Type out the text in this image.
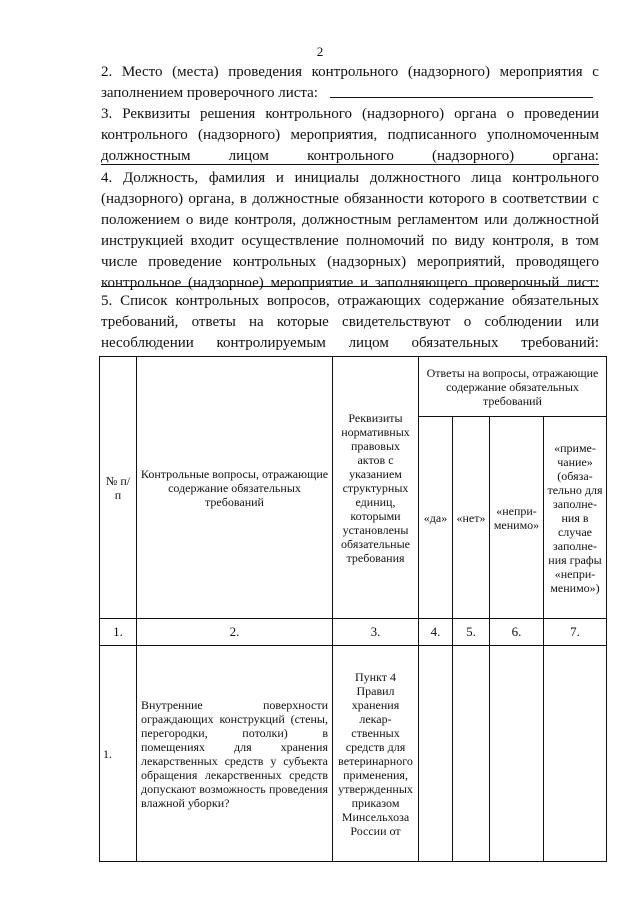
2
2. Место (места) проведения контрольного (надзорного) мероприятия с
заполнением проверочного листа:
3. Реквизиты решения контрольного (надзорного) органа о проведении
контрольного (надзорного) мероприятия, подписанного уполномоченным
должностным	лицом	контрольного	(надзорного)	органа:
4. Должность, фамилия и инициалы должностного лица контрольного
(надзорного) органа, в должностные обязанности которого в соответствии с
положением о виде контроля, должностным регламентом или должностной
инструкцией входит осуществление полномочий по виду контроля, в том
числе проведение контрольных (надзорных) мероприятий, проводящего
контрольное (надзорное) мероприятие и заполняющего проверочный лист:
5. Список контрольных вопросов, отражающих содержание обязательных
требований, ответы на которые свидетельствуют о соблюдении или
несоблюдении контролируемым лицом обязательных требований:
№ п/п	Контрольные вопросы, отражающие содержание обязательных требований	Реквизиты нормативных правовых актов с указанием структурных единиц, которыми установлены обязательные требования	Ответы на вопросы, отражающие содержание обязательных требований			
			«да»	«нет»	«непри-менимо»	«приме-чание» (обяза-тельно для заполне-ния в случае заполне-ния графы «непри-менимо»)
1.	2.	3.	4.	5.	6.	7.
1.	Внутренние поверхности ограждающих конструкций (стены, перегородки, потолки) в помещениях для хранения лекарственных средств у субъекта обращения лекарственных средств допускают возможность проведения влажной уборки?	Пункт 4 Правил хранения лекар-ственных средств для ветеринарного применения, утвержденных приказом Минсельхоза России от				
